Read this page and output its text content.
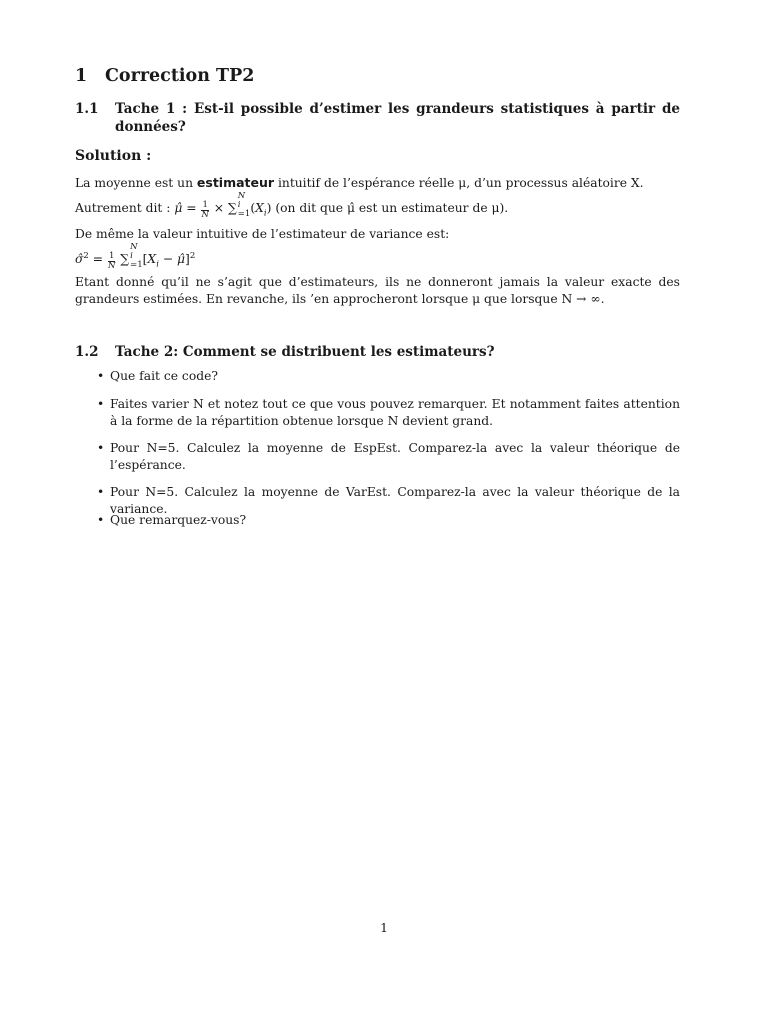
1 Correction TP2
1.1 Tache 1 : Est-il possible d’estimer les grandeurs statistiques à partir de données?
Solution :
La moyenne est un estimateur intuitif de l’espérance réelle μ, d’un processus aléatoire X.
Autrement dit : μ̂ = $\frac{1}{N}$ × ∑
N
i
=1 $(X_i)$ (on dit que μ̂ est un estimateur de μ).
De même la valeur intuitive de l’estimateur de variance est:
σ̂$^2$ = $\frac{1}{N}$ ∑
N
i
=1 [$X_i$ − μ̂]$^2$
Etant donné qu’il ne s’agit que d’estimateurs, ils ne donneront jamais la valeur exacte des grandeurs estimées. En revanche, ils ’en approcheront lorsque μ que lorsque N → ∞.
1.2 Tache 2: Comment se distribuent les estimateurs?
• Que fait ce code?
• Faites varier N et notez tout ce que vous pouvez remarquer. Et notamment faites attention à la forme de la répartition obtenue lorsque N devient grand.
• Pour N=5. Calculez la moyenne de EspEst. Comparez-la avec la valeur théorique de l’espérance.
• Pour N=5. Calculez la moyenne de VarEst. Comparez-la avec la valeur théorique de la variance.
• Que remarquez-vous?
1
